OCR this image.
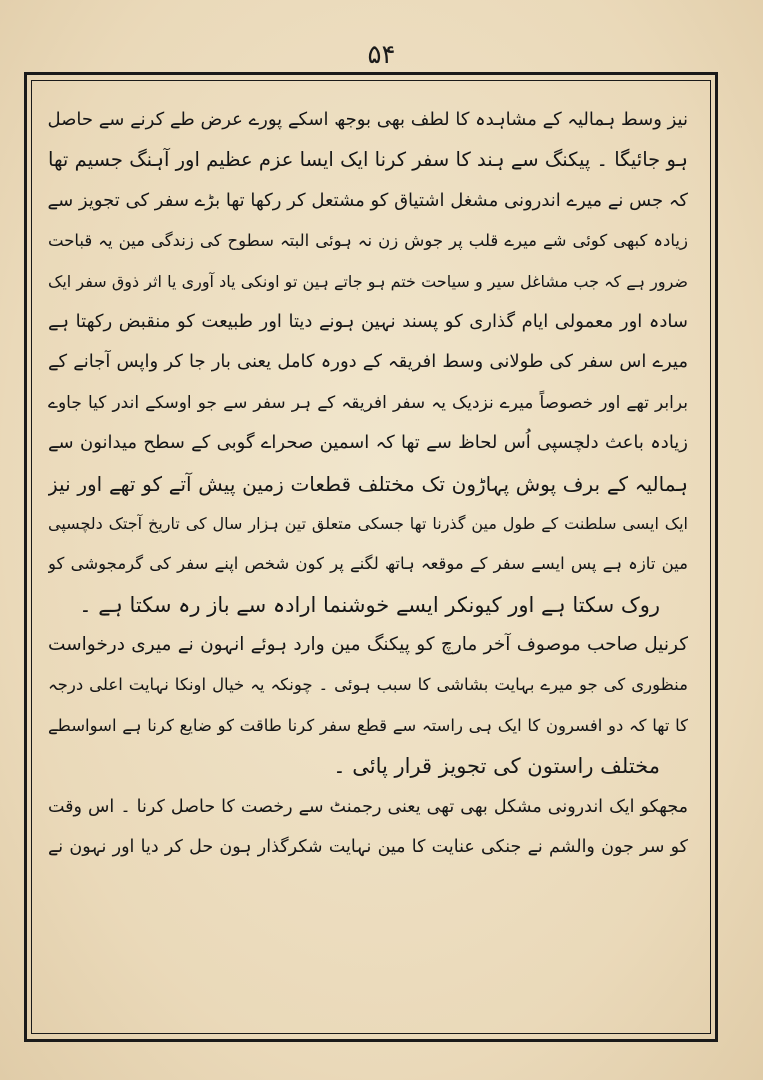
۵۴
نیز وسط ہمالیہ کے مشاہدہ کا لطف بھی بوجھ اسکے پورے عرض طے کرنے سے حاصل
ہو جائیگا ۔ پیکنگ سے ہند کا سفر کرنا ایک ایسا عزم عظیم اور آہنگ جسیم تھا
کہ جس نے میرے اندرونی مشغل اشتیاق کو مشتعل کر رکھا تھا بڑے سفر کی تجویز سے
زیادہ کبھی کوئی شے میرے قلب پر جوش زن نہ ہوئی البتہ سطوح کی زندگی مین یہ قباحت
ضرور ہے کہ جب مشاغل سیر و سیاحت ختم ہو جاتے ہین تو اونکی یاد آوری یا اثر ذوق سفر ایک
سادہ اور معمولی ایام گذاری کو پسند نہین ہونے دیتا اور طبیعت کو منقبض رکھتا ہے
میرے اس سفر کی طولانی وسط افریقہ کے دورہ کامل یعنی بار جا کر واپس آجانے کے
برابر تھے اور خصوصاً میرے نزدیک یہ سفر افریقہ کے ہر سفر سے جو اوسکے اندر کیا جاوے
زیادہ باعث دلچسپی اُس لحاظ سے تھا کہ اسمین صحراے گوبی کے سطح میدانون سے
ہمالیہ کے برف پوش پہاڑون تک مختلف قطعات زمین پیش آتے کو تھے اور نیز
ایک ایسی سلطنت کے طول مین گذرنا تھا جسکی متعلق تین ہزار سال کی تاریخ آجتک دلچسپی
مین تازہ ہے پس ایسے سفر کے موقعہ ہاتھ لگنے پر کون شخص اپنے سفر کی گرمجوشی کو
روک سکتا ہے اور کیونکر ایسے خوشنما ارادہ سے باز رہ سکتا ہے ۔
کرنیل صاحب موصوف آخر مارچ کو پیکنگ مین وارد ہوئے انہون نے میری درخواست
منظوری کی جو میرے بہایت بشاشی کا سبب ہوئی ۔ چونکہ یہ خیال اونکا نہایت اعلی درجہ
کا تھا کہ دو افسرون کا ایک ہی راستہ سے قطع سفر کرنا طاقت کو ضایع کرنا ہے اسواسطے
مختلف راستون کی تجویز قرار پائی ۔
مجھکو ایک اندرونی مشکل بھی تھی یعنی رجمنٹ سے رخصت کا حاصل کرنا ۔ اس وقت
کو سر جون والشم نے جنکی عنایت کا مین نہایت شکرگذار ہون حل کر دیا اور نہون نے
